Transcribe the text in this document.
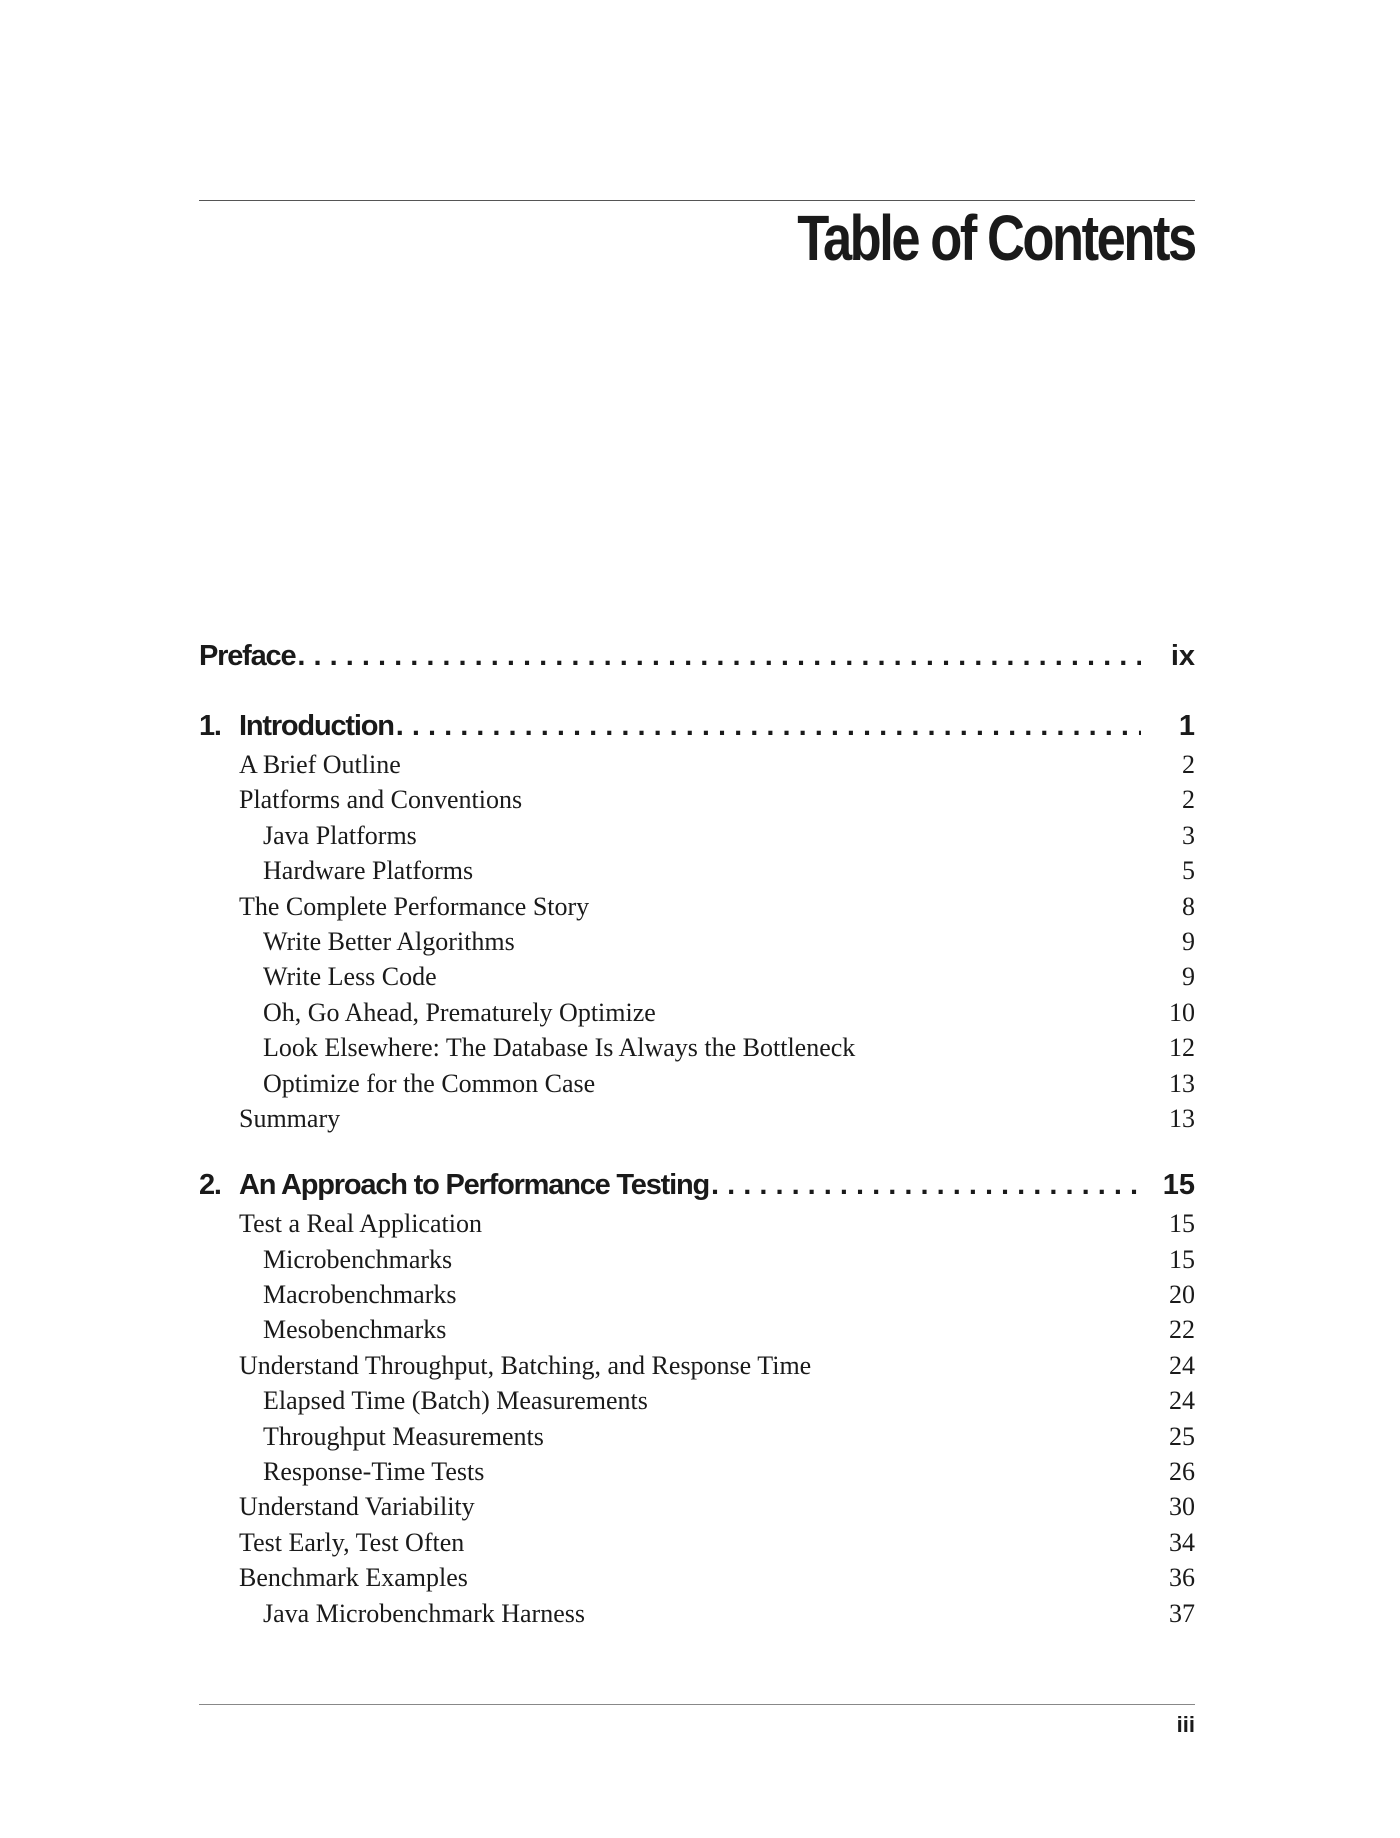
Table of Contents
Preface . . .	ix
1. Introduction . . .	1
A Brief Outline	2
Platforms and Conventions	2
Java Platforms	3
Hardware Platforms	5
The Complete Performance Story	8
Write Better Algorithms	9
Write Less Code	9
Oh, Go Ahead, Prematurely Optimize	10
Look Elsewhere: The Database Is Always the Bottleneck	12
Optimize for the Common Case	13
Summary	13
2. An Approach to Performance Testing . . .	15
Test a Real Application	15
Microbenchmarks	15
Macrobenchmarks	20
Mesobenchmarks	22
Understand Throughput, Batching, and Response Time	24
Elapsed Time (Batch) Measurements	24
Throughput Measurements	25
Response-Time Tests	26
Understand Variability	30
Test Early, Test Often	34
Benchmark Examples	36
Java Microbenchmark Harness	37
iii
